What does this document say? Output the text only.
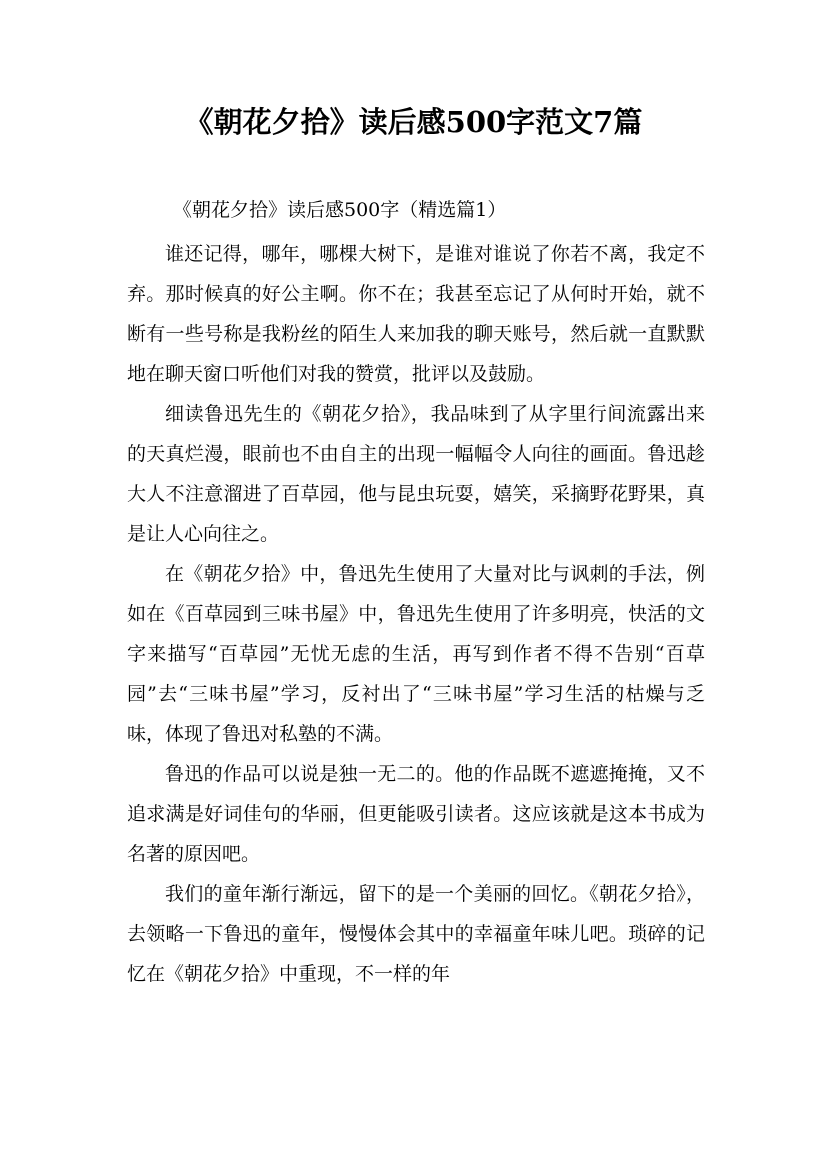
《朝花夕拾》读后感500字范文7篇
《朝花夕拾》读后感500字（精选篇1）

谁还记得，哪年，哪棵大树下，是谁对谁说了你若不离，我定不弃。那时候真的好公主啊。你不在；我甚至忘记了从何时开始，就不断有一些号称是我粉丝的陌生人来加我的聊天账号，然后就一直默默地在聊天窗口听他们对我的赞赏，批评以及鼓励。

细读鲁迅先生的《朝花夕拾》，我品味到了从字里行间流露出来的天真烂漫，眼前也不由自主的出现一幅幅令人向往的画面。鲁迅趁大人不注意溜进了百草园，他与昆虫玩耍，嬉笑，采摘野花野果，真是让人心向往之。

在《朝花夕拾》中，鲁迅先生使用了大量对比与讽刺的手法，例如在《百草园到三味书屋》中，鲁迅先生使用了许多明亮，快活的文字来描写“百草园”无忧无虑的生活，再写到作者不得不告别“百草园”去“三味书屋”学习，反衬出了“三味书屋”学习生活的枯燥与乏味，体现了鲁迅对私塾的不满。

鲁迅的作品可以说是独一无二的。他的作品既不遮遮掩掩，又不追求满是好词佳句的华丽，但更能吸引读者。这应该就是这本书成为名著的原因吧。

我们的童年渐行渐远，留下的是一个美丽的回忆。《朝花夕拾》，去领略一下鲁迅的童年，慢慢体会其中的幸福童年味儿吧。琐碎的记忆在《朝花夕拾》中重现，不一样的年
